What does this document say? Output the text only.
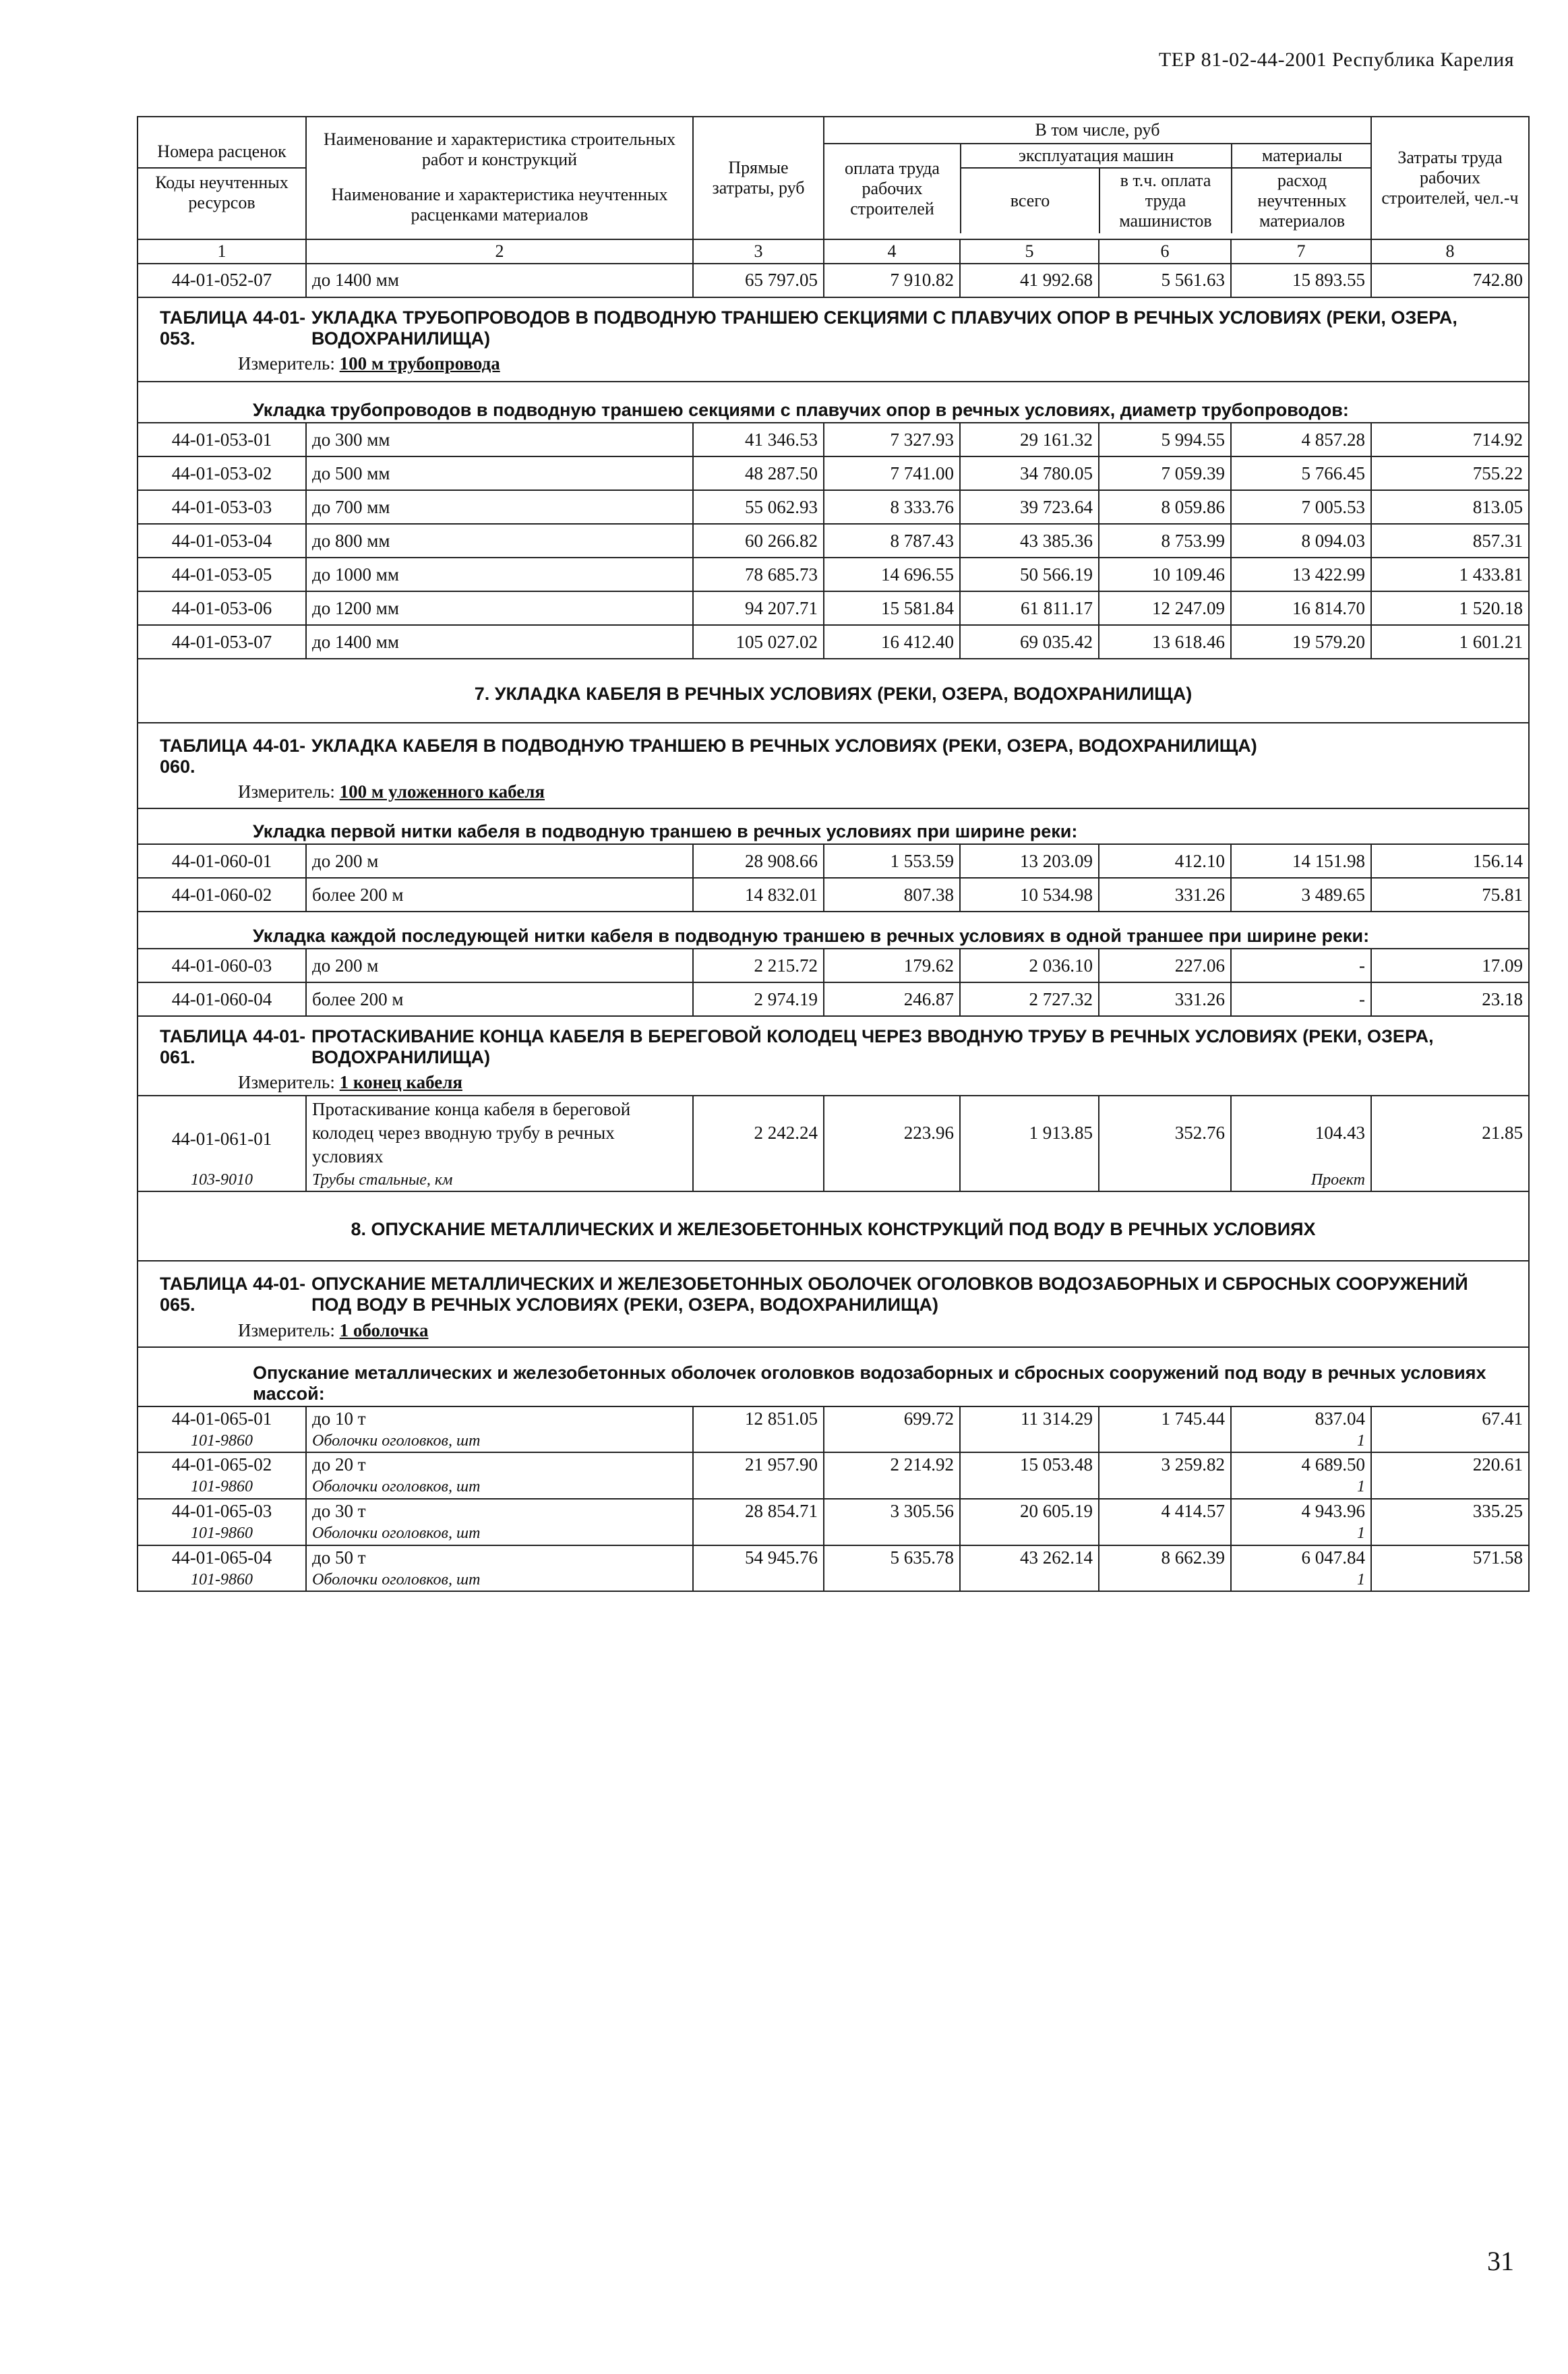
ТЕР 81-02-44-2001 Республика Карелия
Номера расценок
Коды неучтенных ресурсов

Наименование и характеристика строительных работ и конструкций
Наименование и характеристика неучтенных расценками материалов
	Прямые затраты, руб	
В том числе, руб
оплата труда рабочих строителей	эксплуатация машин	материалы
всего	в т.ч. оплата труда машинистов	расход неучтенных материалов
	Затраты труда рабочих строителей, чел.-ч
1	2	3	4	5	6	7	8
44-01-052-07	до 1400 мм	65 797.05	7 910.82	41 992.68	5 561.63	15 893.55	742.80
ТАБЛИЦА 44-01-053.УКЛАДКА ТРУБОПРОВОДОВ В ПОДВОДНУЮ ТРАНШЕЮ СЕКЦИЯМИ С ПЛАВУЧИХ ОПОР В РЕЧНЫХ УСЛОВИЯХ (РЕКИ, ОЗЕРА, ВОДОХРАНИЛИЩА)
Измеритель: 100 м трубопровода
Укладка трубопроводов в подводную траншею секциями с плавучих опор в речных условиях, диаметр трубопроводов:
44-01-053-01	до 300 мм	41 346.53	7 327.93	29 161.32	5 994.55	4 857.28	714.92
44-01-053-02	до 500 мм	48 287.50	7 741.00	34 780.05	7 059.39	5 766.45	755.22
44-01-053-03	до 700 мм	55 062.93	8 333.76	39 723.64	8 059.86	7 005.53	813.05
44-01-053-04	до 800 мм	60 266.82	8 787.43	43 385.36	8 753.99	8 094.03	857.31
44-01-053-05	до 1000 мм	78 685.73	14 696.55	50 566.19	10 109.46	13 422.99	1 433.81
44-01-053-06	до 1200 мм	94 207.71	15 581.84	61 811.17	12 247.09	16 814.70	1 520.18
44-01-053-07	до 1400 мм	105 027.02	16 412.40	69 035.42	13 618.46	19 579.20	1 601.21
7. УКЛАДКА КАБЕЛЯ В РЕЧНЫХ УСЛОВИЯХ (РЕКИ, ОЗЕРА, ВОДОХРАНИЛИЩА)
ТАБЛИЦА 44-01-060.УКЛАДКА КАБЕЛЯ В ПОДВОДНУЮ ТРАНШЕЮ В РЕЧНЫХ УСЛОВИЯХ (РЕКИ, ОЗЕРА, ВОДОХРАНИЛИЩА)
Измеритель: 100 м уложенного кабеля
Укладка первой нитки кабеля в подводную траншею в речных условиях при ширине реки:
44-01-060-01	до 200 м	28 908.66	1 553.59	13 203.09	412.10	14 151.98	156.14
44-01-060-02	более 200 м	14 832.01	807.38	10 534.98	331.26	3 489.65	75.81
Укладка каждой последующей нитки кабеля в подводную траншею в речных условиях в одной траншее при ширине реки:
44-01-060-03	до 200 м	2 215.72	179.62	2 036.10	227.06	-	17.09
44-01-060-04	более 200 м	2 974.19	246.87	2 727.32	331.26	-	23.18
ТАБЛИЦА 44-01-061.ПРОТАСКИВАНИЕ КОНЦА КАБЕЛЯ В БЕРЕГОВОЙ КОЛОДЕЦ ЧЕРЕЗ ВВОДНУЮ ТРУБУ В РЕЧНЫХ УСЛОВИЯХ (РЕКИ, ОЗЕРА, ВОДОХРАНИЛИЩА)
Измеритель: 1 конец кабеля
44-01-061-01	Протаскивание конца кабеля в береговой колодец через вводную трубу в речных условиях	2 242.24	223.96	1 913.85	352.76	104.43	21.85
103-9010	Трубы стальные, км					Проект	
8. ОПУСКАНИЕ МЕТАЛЛИЧЕСКИХ И ЖЕЛЕЗОБЕТОННЫХ КОНСТРУКЦИЙ ПОД ВОДУ В РЕЧНЫХ УСЛОВИЯХ
ТАБЛИЦА 44-01-065.ОПУСКАНИЕ МЕТАЛЛИЧЕСКИХ И ЖЕЛЕЗОБЕТОННЫХ ОБОЛОЧЕК ОГОЛОВКОВ ВОДОЗАБОРНЫХ И СБРОСНЫХ СООРУЖЕНИЙ ПОД ВОДУ В РЕЧНЫХ УСЛОВИЯХ (РЕКИ, ОЗЕРА, ВОДОХРАНИЛИЩА)
Измеритель: 1 оболочка
Опускание металлических и железобетонных оболочек оголовков водозаборных и сбросных сооружений под воду в речных условиях массой:
44-01-065-01	до 10 т	12 851.05	699.72	11 314.29	1 745.44	837.04	67.41
101-9860	Оболочки оголовков, шт					1	
44-01-065-02	до 20 т	21 957.90	2 214.92	15 053.48	3 259.82	4 689.50	220.61
101-9860	Оболочки оголовков, шт					1	
44-01-065-03	до 30 т	28 854.71	3 305.56	20 605.19	4 414.57	4 943.96	335.25
101-9860	Оболочки оголовков, шт					1	
44-01-065-04	до 50 т	54 945.76	5 635.78	43 262.14	8 662.39	6 047.84	571.58
101-9860	Оболочки оголовков, шт					1	
31
